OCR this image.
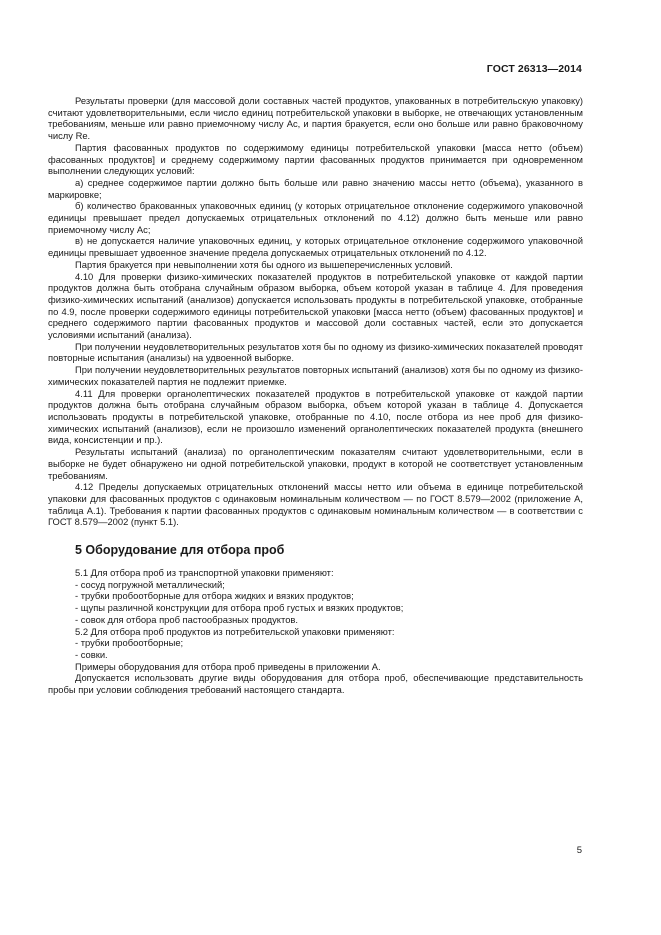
ГОСТ 26313—2014

Результаты проверки (для массовой доли составных частей продуктов, упакованных в потребительскую упаковку) считают удовлетворительными, если число единиц потребительской упаковки в выборке, не отвечающих установленным требованиям, меньше или равно приемочному числу Ac, и партия бракуется, если оно больше или равно браковочному числу Re.

Партия фасованных продуктов по содержимому единицы потребительской упаковки [масса нетто (объем) фасованных продуктов] и среднему содержимому партии фасованных продуктов принимается при одновременном выполнении следующих условий:

а) среднее содержимое партии должно быть больше или равно значению массы нетто (объема), указанного в маркировке;

б) количество бракованных упаковочных единиц (у которых отрицательное отклонение содержимого упаковочной единицы превышает предел допускаемых отрицательных отклонений по 4.12) должно быть меньше или равно приемочному числу Ac;

в) не допускается наличие упаковочных единиц, у которых отрицательное отклонение содержимого упаковочной единицы превышает удвоенное значение предела допускаемых отрицательных отклонений по 4.12.

Партия бракуется при невыполнении хотя бы одного из вышеперечисленных условий.

4.10 Для проверки физико-химических показателей продуктов в потребительской упаковке от каждой партии продуктов должна быть отобрана случайным образом выборка, объем которой указан в таблице 4. Для проведения физико-химических испытаний (анализов) допускается использовать продукты в потребительской упаковке, отобранные по 4.9, после проверки содержимого единицы потребительской упаковки [масса нетто (объем) фасованных продуктов] и среднего содержимого партии фасованных продуктов и массовой доли составных частей, если это допускается условиями испытаний (анализа).

При получении неудовлетворительных результатов хотя бы по одному из физико-химических показателей проводят повторные испытания (анализы) на удвоенной выборке.

При получении неудовлетворительных результатов повторных испытаний (анализов) хотя бы по одному из физико-химических показателей партия не подлежит приемке.

4.11 Для проверки органолептических показателей продуктов в потребительской упаковке от каждой партии продуктов должна быть отобрана случайным образом выборка, объем которой указан в таблице 4. Допускается использовать продукты в потребительской упаковке, отобранные по 4.10, после отбора из нее проб для физико-химических испытаний (анализов), если не произошло изменений органолептических показателей продукта (внешнего вида, консистенции и пр.).

Результаты испытаний (анализа) по органолептическим показателям считают удовлетворительными, если в выборке не будет обнаружено ни одной потребительской упаковки, продукт в которой не соответствует установленным требованиям.

4.12 Пределы допускаемых отрицательных отклонений массы нетто или объема в единице потребительской упаковки для фасованных продуктов с одинаковым номинальным количеством — по ГОСТ 8.579—2002 (приложение А, таблица А.1). Требования к партии фасованных продуктов с одинаковым номинальным количеством — в соответствии с ГОСТ 8.579—2002 (пункт 5.1).

5 Оборудование для отбора проб

5.1 Для отбора проб из транспортной упаковки применяют:

- сосуд погружной металлический;
- трубки пробоотборные для отбора жидких и вязких продуктов;
- щупы различной конструкции для отбора проб густых и вязких продуктов;
- совок для отбора проб пастообразных продуктов.

5.2 Для отбора проб продуктов из потребительской упаковки применяют:

- трубки пробоотборные;
- совки.

Примеры оборудования для отбора проб приведены в приложении А.

Допускается использовать другие виды оборудования для отбора проб, обеспечивающие представительность пробы при условии соблюдения требований настоящего стандарта.

5
